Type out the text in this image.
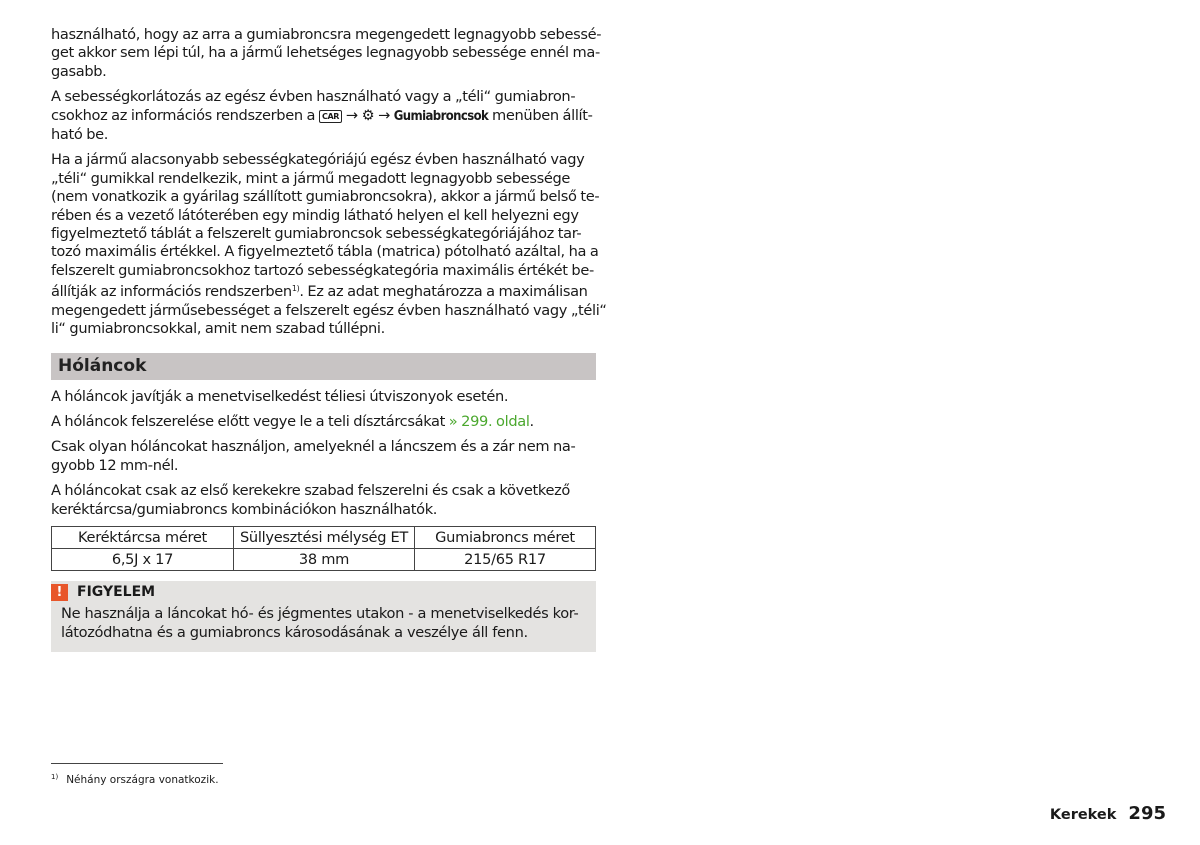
használható, hogy az arra a gumiabroncsra megengedett legnagyobb sebessé-
get akkor sem lépi túl, ha a jármű lehetséges legnagyobb sebessége ennél ma-
gasabb.

A sebességkorlátozás az egész évben használható vagy a „téli“ gumiabron-
csokhoz az információs rendszerben a CAR → ⚙ → Gumiabroncsok menüben állít-
ható be.

Ha a jármű alacsonyabb sebességkategóriájú egész évben használható vagy
„téli“ gumikkal rendelkezik, mint a jármű megadott legnagyobb sebessége
(nem vonatkozik a gyárilag szállított gumiabroncsokra), akkor a jármű belső te-
rében és a vezető látóterében egy mindig látható helyen el kell helyezni egy
figyelmeztető táblát a felszerelt gumiabroncsok sebességkategóriájához tar-
tozó maximális értékkel. A figyelmeztető tábla (matrica) pótolható azáltal, ha a
felszerelt gumiabroncsokhoz tartozó sebességkategória maximális értékét be-
állítják az információs rendszerben$^{1)}$. Ez az adat meghatározza a maximálisan
megengedett járműsebességet a felszerelt egész évben használható vagy „téli“
li“ gumiabroncsokkal, amit nem szabad túllépni.

Hóláncok

A hóláncok javítják a menetviselkedést téliesi útviszonyok esetén.

A hóláncok felszerelése előtt vegye le a teli dísztárcsákat » 299. oldal.

Csak olyan hóláncokat használjon, amelyeknél a láncszem és a zár nem na-
gyobb 12 mm-nél.

A hóláncokat csak az első kerekekre szabad felszerelni és csak a következő
keréktárcsa/gumiabroncs kombinációkon használhatók.

Keréktárcsa méret	Süllyesztési mélység ET	Gumiabroncs méret
6,5J x 17	38 mm	215/65 R17
!	FIGYELEM
Ne használja a láncokat hó- és jégmentes utakon - a menetviselkedés kor-
látozódhatna és a gumiabroncs károsodásának a veszélye áll fenn.
$^{1)}$ Néhány országra vonatkozik.
Kerekek 295
